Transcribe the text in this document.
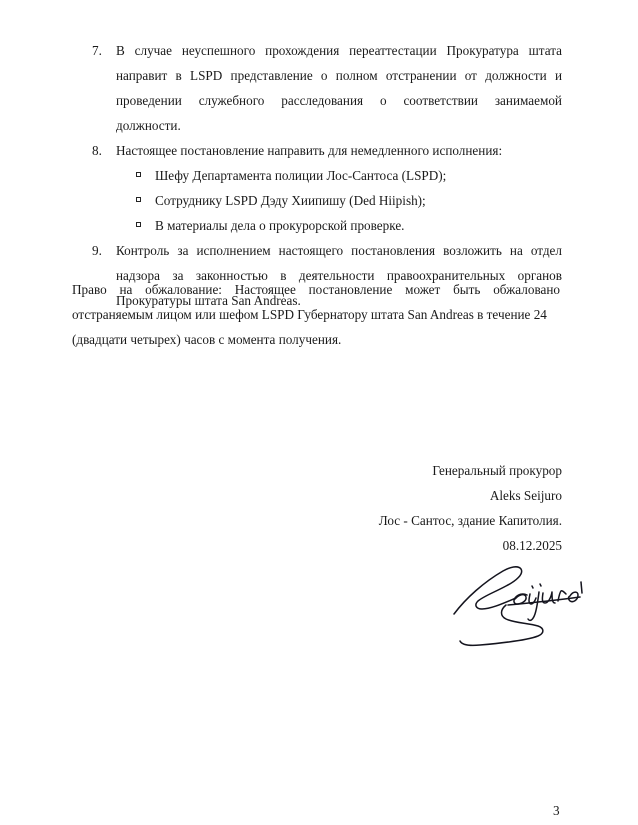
7.	В случае неуспешного прохождения переаттестации Прокуратура штата направит в LSPD представление о полном отстранении от должности и проведении служебного расследования о соответствии занимаемой должности.
8.	Настоящее постановление направить для немедленного исполнения:
Шефу Департамента полиции Лос-Сантоса (LSPD);
Сотруднику LSPD Дэду Хиипишу (Ded Hiipish);
В материалы дела о прокурорской проверке.
9.	Контроль за исполнением настоящего постановления возложить на отдел надзора за законностью в деятельности правоохранительных органов Прокуратуры штата San Andreas.

Право на обжалование: Настоящее постановление может быть обжаловано отстраняемым лицом или шефом LSPD Губернатору штата San Andreas в течение 24
(двадцати четырех) часов с момента получения.

Генеральный прокурор
Aleks Seijuro
Лос - Сантос, здание Капитолия.
08.12.2025
3
